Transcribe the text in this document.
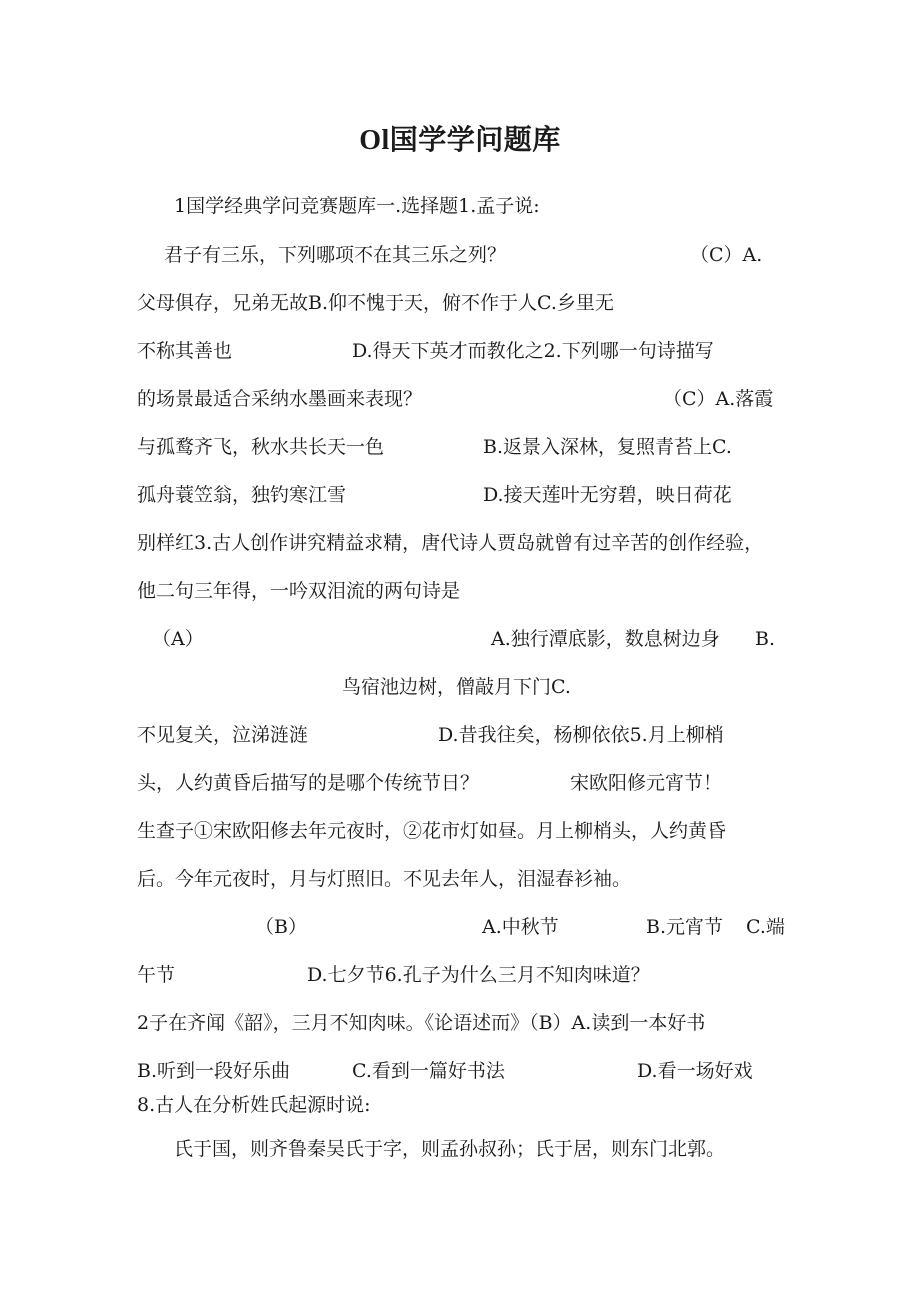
Ol国学学问题库
1国学经典学问竞赛题库一.选择题1.孟子说:
君子有三乐，下列哪项不在其三乐之列？	（C）A.
父母俱存，兄弟无故B.仰不愧于天，俯不作于人C.乡里无
不称其善也	D.得天下英才而教化之2.下列哪一句诗描写
的场景最适合采纳水墨画来表现？	（C）A.落霞
与孤鹜齐飞，秋水共长天一色	B.返景入深林，复照青苔上C.
孤舟蓑笠翁，独钓寒江雪	D.接天莲叶无穷碧，映日荷花
别样红3.古人创作讲究精益求精，唐代诗人贾岛就曾有过辛苦的创作经验，
他二句三年得，一吟双泪流的两句诗是
（A）	A.独行潭底影，数息树边身 B.
鸟宿池边树，僧敲月下门C.
不见复关，泣涕涟涟	D.昔我往矣，杨柳依依5.月上柳梢
头，人约黄昏后描写的是哪个传统节日？	宋欧阳修元宵节！
生查子①宋欧阳修去年元夜时，②花市灯如昼。月上柳梢头，人约黄昏
后。今年元夜时，月与灯照旧。不见去年人，泪湿春衫袖。
（B）	A.中秋节	B.元宵节 C.端
午节	D.七夕节6.孔子为什么三月不知肉味道？
2子在齐闻《韶》，三月不知肉味。《论语述而》（B）A.读到一本好书
B.听到一段好乐曲	C.看到一篇好书法	D.看一场好戏
8.古人在分析姓氏起源时说:
氏于国，则齐鲁秦吴氏于字，则孟孙叔孙；氏于居，则东门北郭。
